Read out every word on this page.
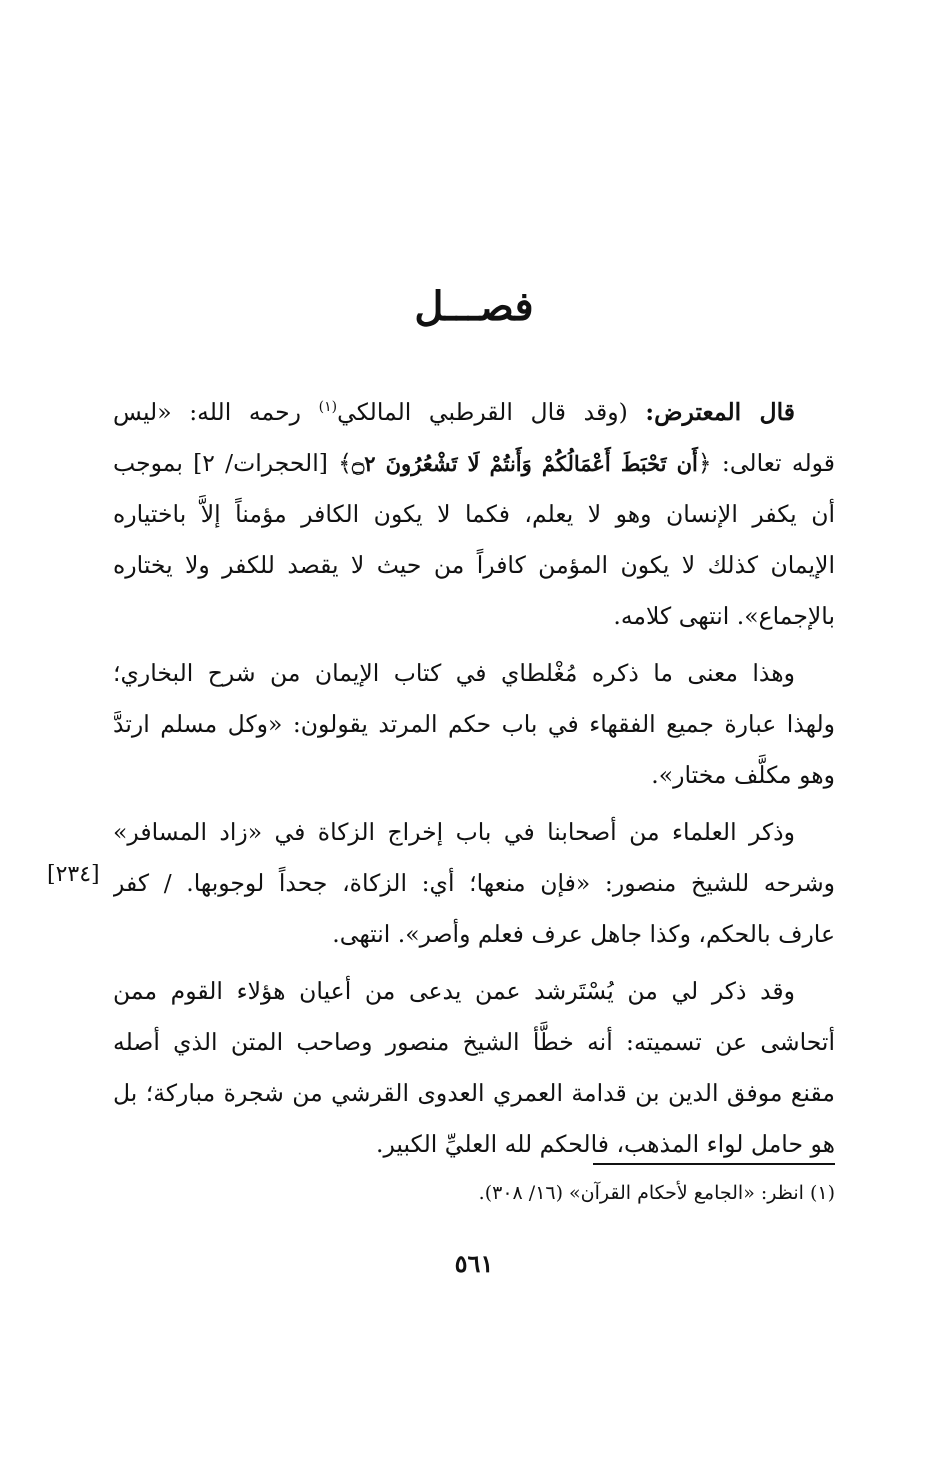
فصـــل
قال المعترض: (وقد قال القرطبي المالكي$^{(١)}$ رحمه الله: «ليس
قوله تعالى: ﴿أَن تَحْبَطَ أَعْمَالُكُمْ وَأَنتُمْ لَا تَشْعُرُونَ ۝٢﴾ [الحجرات/ ٢] بموجب
أن يكفر الإنسان وهو لا يعلم، فكما لا يكون الكافر مؤمناً إلاَّ باختياره
الإيمان كذلك لا يكون المؤمن كافراً من حيث لا يقصد للكفر ولا يختاره
بالإجماع». انتهى كلامه.
وهذا معنى ما ذكره مُغْلطاي في كتاب الإيمان من شرح البخاري؛
ولهذا عبارة جميع الفقهاء في باب حكم المرتد يقولون: «وكل مسلم ارتدَّ
وهو مكلَّف مختار».
وذكر العلماء من أصحابنا في باب إخراج الزكاة في «زاد المسافر»
وشرحه للشيخ منصور: «فإن منعها؛ أي: الزكاة، جحداً لوجوبها. / كفر
عارف بالحكم، وكذا جاهل عرف فعلم وأصر». انتهى.
وقد ذكر لي من يُسْتَرشد عمن يدعى من أعيان هؤلاء القوم ممن
أتحاشى عن تسميته: أنه خطَّأ الشيخ منصور وصاحب المتن الذي أصله
مقنع موفق الدين بن قدامة العمري العدوى القرشي من شجرة مباركة؛ بل
هو حامل لواء المذهب، فالحكم لله العليِّ الكبير.
[٢٣٤]
(١) انظر: «الجامع لأحكام القرآن» (١٦/ ٣٠٨).
٥٦١
